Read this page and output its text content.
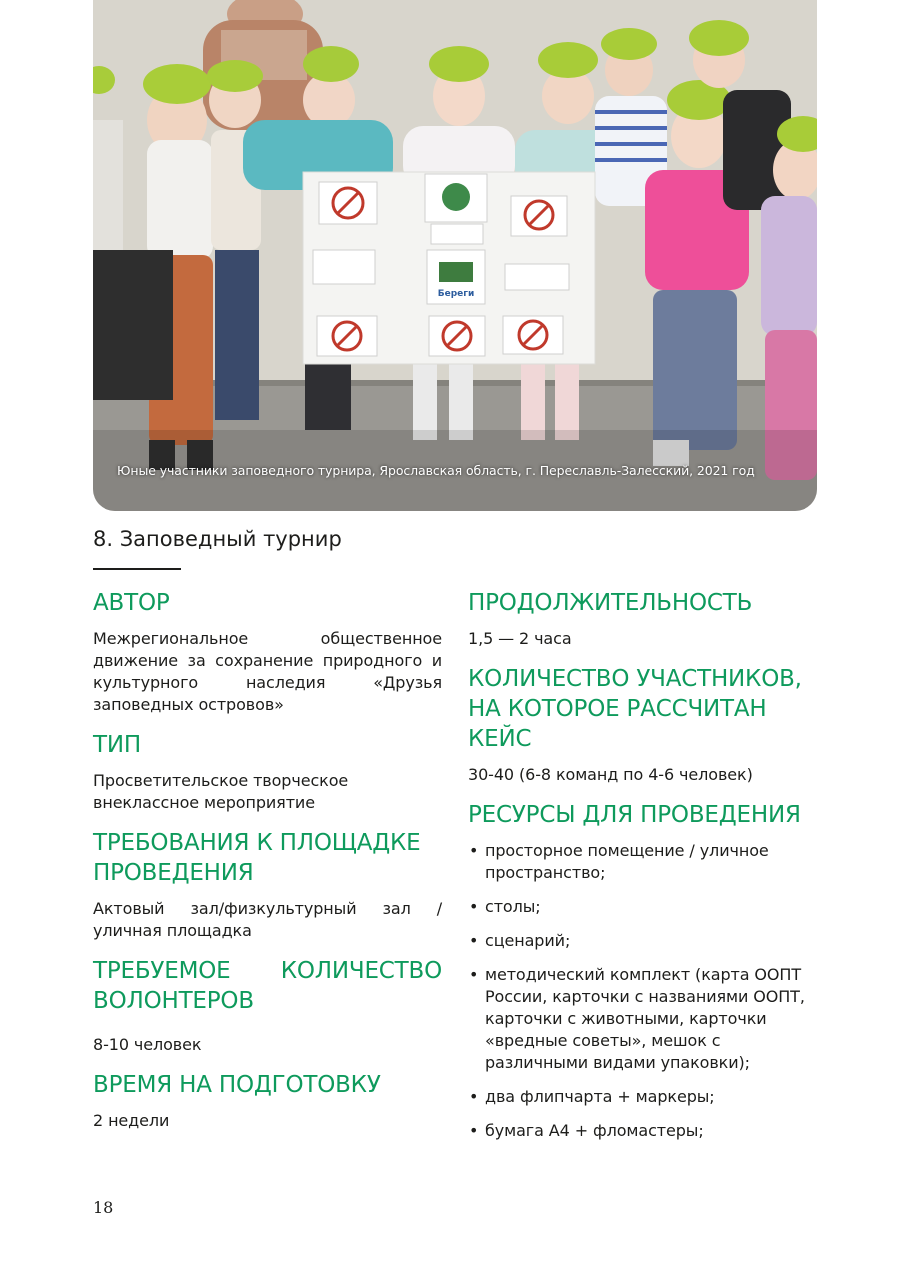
Береги
Юные участники заповедного турнира, Ярославская область, г. Переславль-Залесский, 2021 год
8. Заповедный турнир
АВТОР
Межрегиональное общественное движение за сохранение природного и культурного наследия «Друзья заповедных островов»
ТИП
Просветительское творческое внеклассное мероприятие
ТРЕБОВАНИЯ К ПЛОЩАДКЕ ПРОВЕДЕНИЯ
Актовый зал/физкультурный зал / уличная площадка
ТРЕБУЕМОЕ КОЛИЧЕСТВО ВОЛОНТЕРОВ
8-10 человек
ВРЕМЯ НА ПОДГОТОВКУ
2 недели
ПРОДОЛЖИТЕЛЬНОСТЬ
1,5 — 2 часа
КОЛИЧЕСТВО УЧАСТНИКОВ, НА КОТОРОЕ РАССЧИТАН КЕЙС
30-40 (6-8 команд по 4-6 человек)
РЕСУРСЫ ДЛЯ ПРОВЕДЕНИЯ
• просторное помещение / уличное пространство;
• столы;
• сценарий;
• методический комплект (карта ООПТ России, карточки с названиями ООПТ, карточки с животными, карточки «вредные советы», мешок с различными видами упаковки);
• два флипчарта + маркеры;
• бумага А4 + фломастеры;
18
